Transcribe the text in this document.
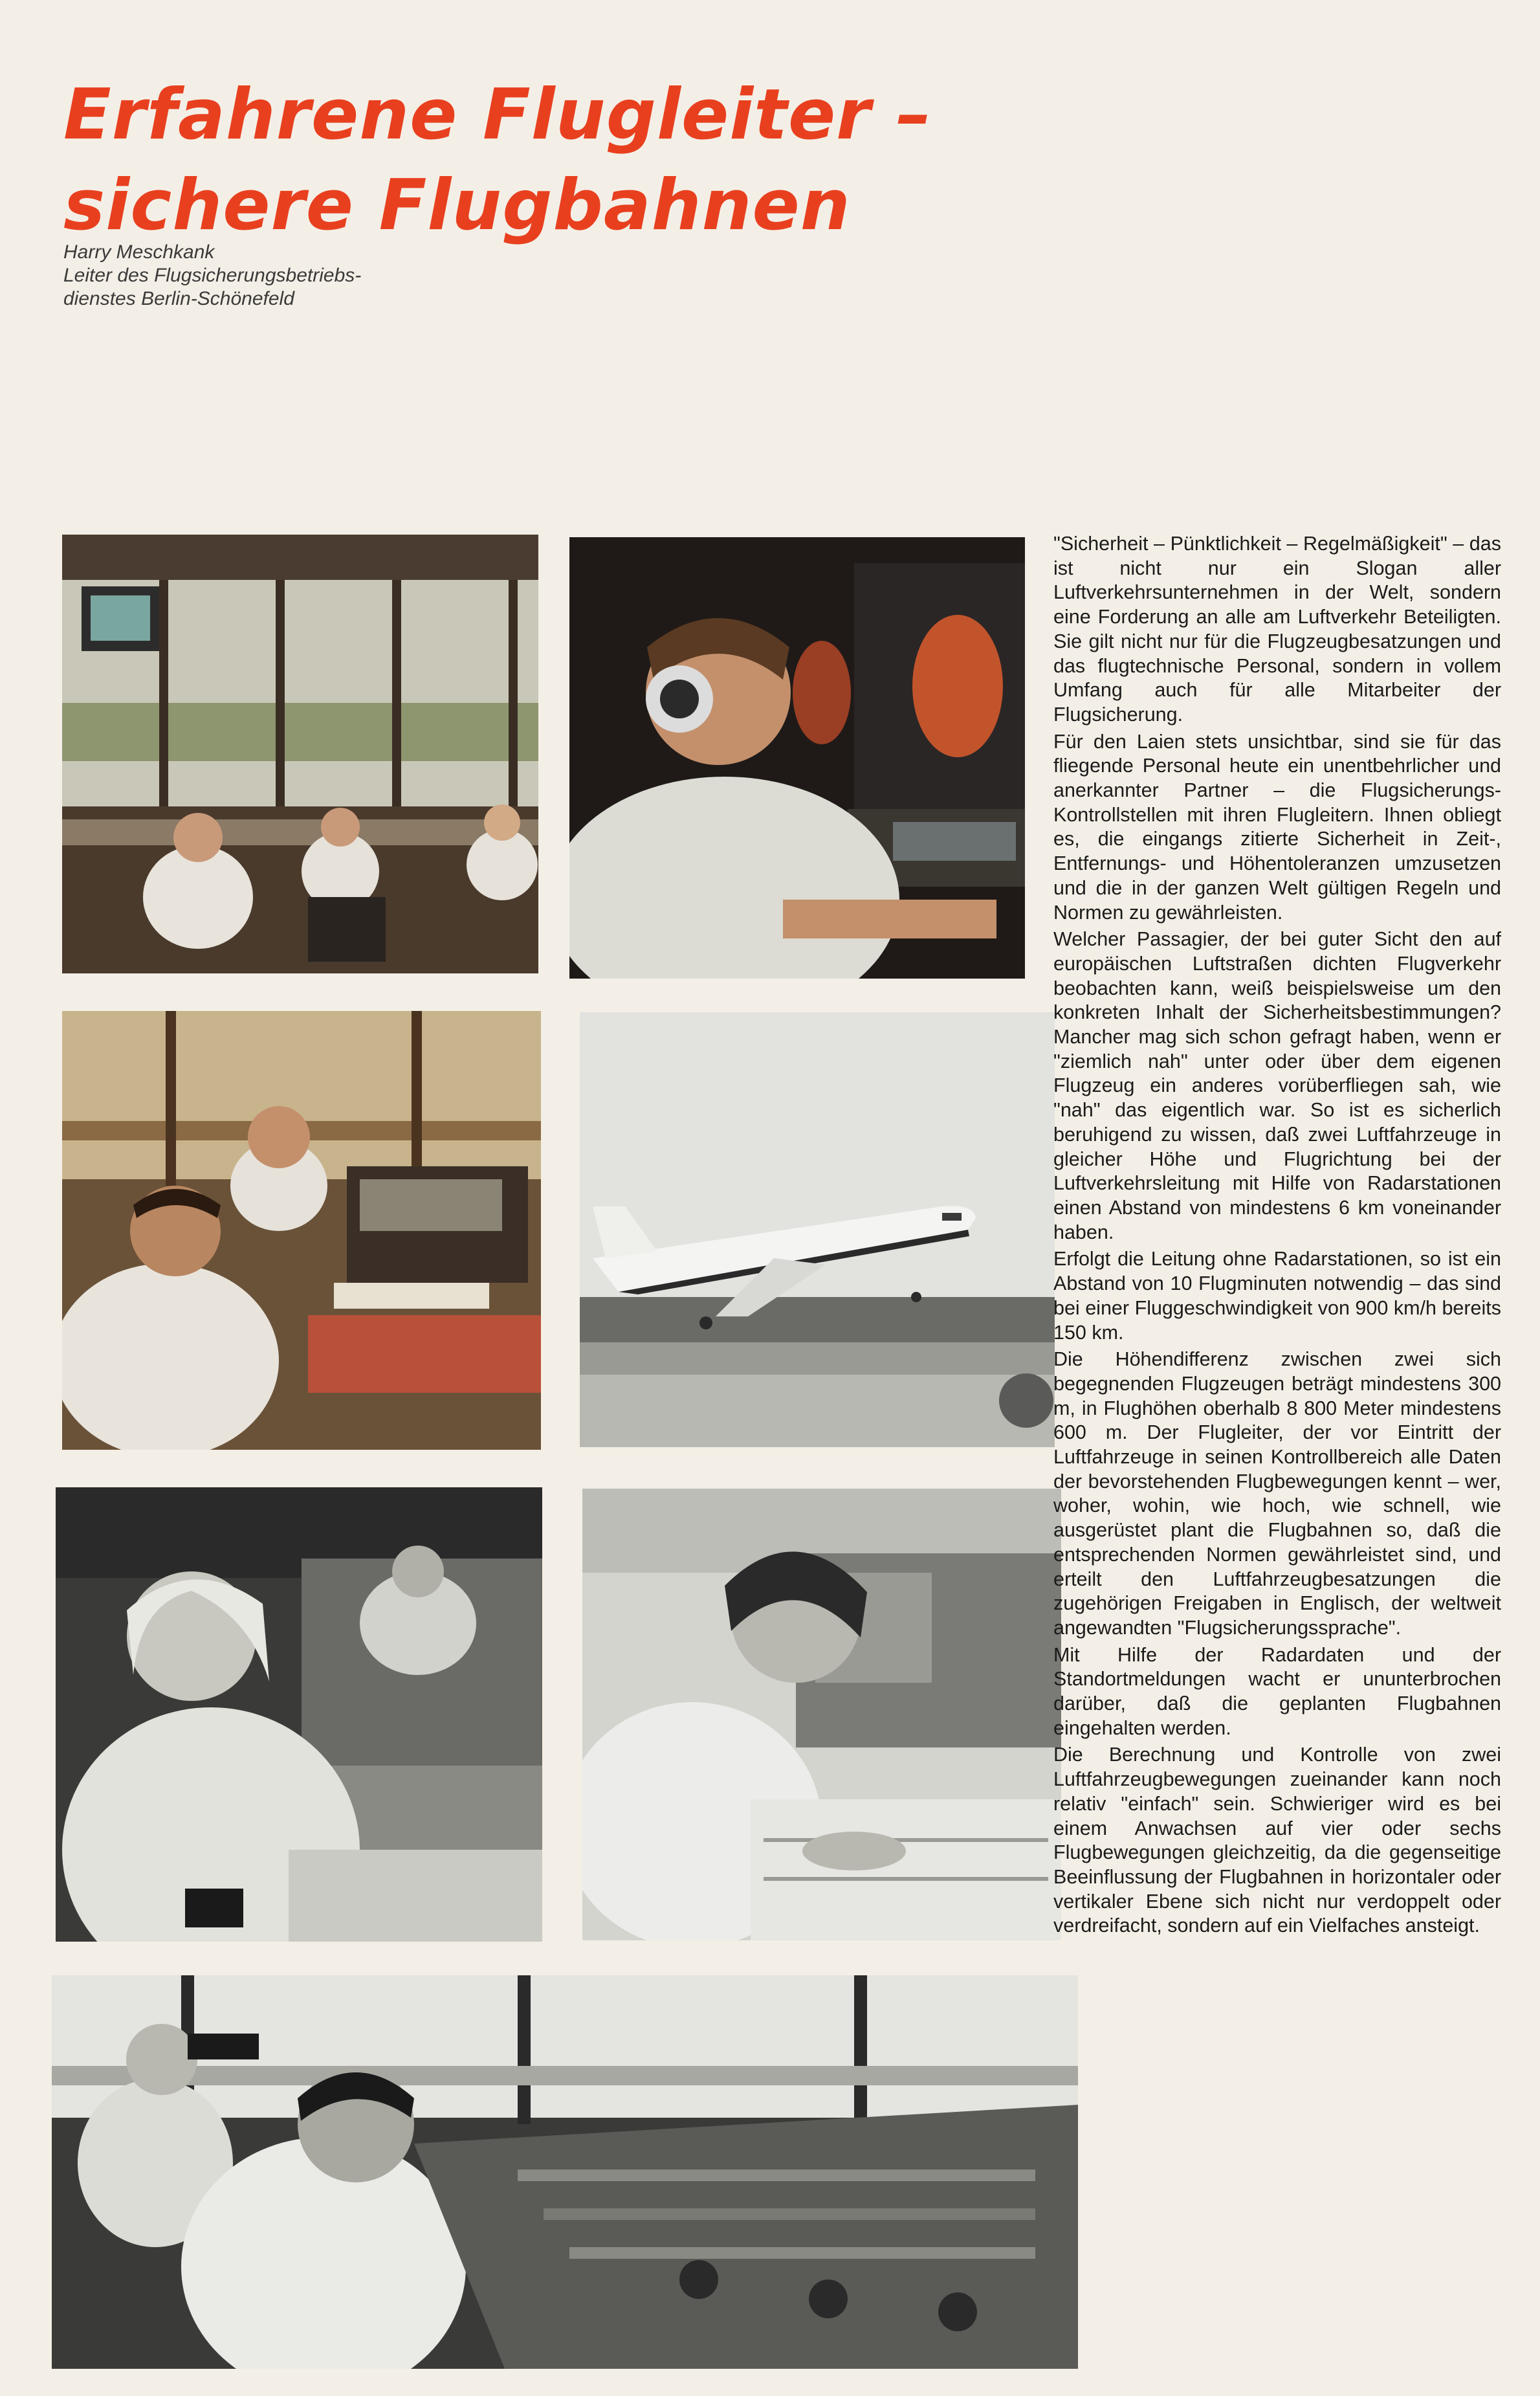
Erfahrene Flugleiter –
sichere Flugbahnen
Harry Meschkank
Leiter des Flugsicherungsbetriebs-
dienstes Berlin-Schönefeld

"Sicherheit – Pünktlichkeit – Regelmäßigkeit" – das ist nicht nur ein Slogan aller Luftverkehrsunternehmen in der Welt, sondern eine Forderung an alle am Luftverkehr Beteiligten. Sie gilt nicht nur für die Flugzeugbesatzungen und das flugtechnische Personal, sondern in vollem Umfang auch für alle Mitarbeiter der Flugsicherung.

Für den Laien stets unsichtbar, sind sie für das fliegende Personal heute ein unentbehrlicher und anerkannter Partner – die Flugsicherungs-Kontrollstellen mit ihren Flugleitern. Ihnen obliegt es, die eingangs zitierte Sicherheit in Zeit-, Entfernungs- und Höhentoleranzen umzusetzen und die in der ganzen Welt gültigen Regeln und Normen zu gewährleisten.

Welcher Passagier, der bei guter Sicht den auf europäischen Luftstraßen dichten Flugverkehr beobachten kann, weiß beispielsweise um den konkreten Inhalt der Sicherheitsbestimmungen? Mancher mag sich schon gefragt haben, wenn er "ziemlich nah" unter oder über dem eigenen Flugzeug ein anderes vorüberfliegen sah, wie "nah" das eigentlich war. So ist es sicherlich beruhigend zu wissen, daß zwei Luftfahrzeuge in gleicher Höhe und Flugrichtung bei der Luftverkehrsleitung mit Hilfe von Radarstationen einen Abstand von mindestens 6 km voneinander haben.

Erfolgt die Leitung ohne Radarstationen, so ist ein Abstand von 10 Flugminuten notwendig – das sind bei einer Fluggeschwindigkeit von 900 km/h bereits 150 km.

Die Höhendifferenz zwischen zwei sich begegnenden Flugzeugen beträgt mindestens 300 m, in Flughöhen oberhalb 8 800 Meter mindestens 600 m. Der Flugleiter, der vor Eintritt der Luftfahrzeuge in seinen Kontrollbereich alle Daten der bevorstehenden Flugbewegungen kennt – wer, woher, wohin, wie hoch, wie schnell, wie ausgerüstet plant die Flugbahnen so, daß die entsprechenden Normen gewährleistet sind, und erteilt den Luftfahrzeugbesatzungen die zugehörigen Freigaben in Englisch, der weltweit angewandten "Flugsicherungssprache".

Mit Hilfe der Radardaten und der Standortmeldungen wacht er ununterbrochen darüber, daß die geplanten Flugbahnen eingehalten werden.

Die Berechnung und Kontrolle von zwei Luftfahrzeugbewegungen zueinander kann noch relativ "einfach" sein. Schwieriger wird es bei einem Anwachsen auf vier oder sechs Flugbewegungen gleichzeitig, da die gegenseitige Beeinflussung der Flugbahnen in horizontaler oder vertikaler Ebene sich nicht nur verdoppelt oder verdreifacht, sondern auf ein Vielfaches ansteigt.
